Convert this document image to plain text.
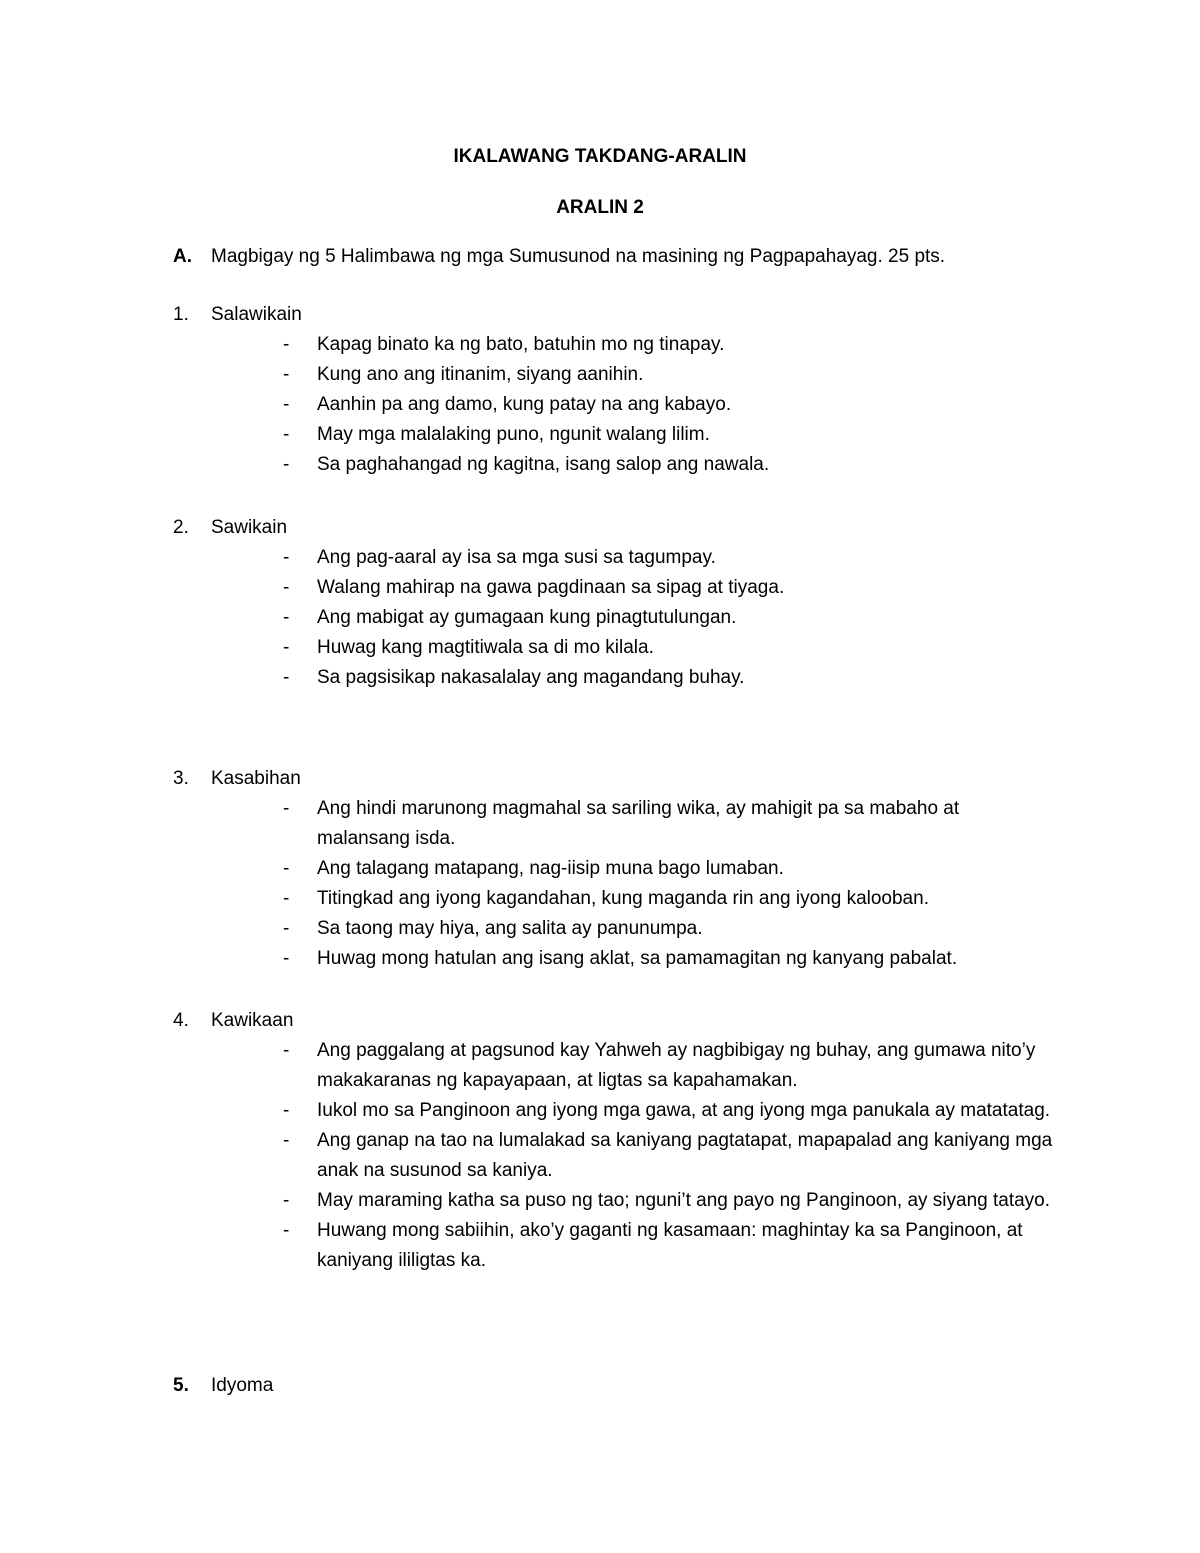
IKALAWANG TAKDANG-ARALIN
ARALIN 2
A. Magbigay ng 5 Halimbawa ng mga Sumusunod na masining ng Pagpapahayag. 25 pts.
1. Salawikain
- Kapag binato ka ng bato, batuhin mo ng tinapay.
- Kung ano ang itinanim, siyang aanihin.
- Aanhin pa ang damo, kung patay na ang kabayo.
- May mga malalaking puno, ngunit walang lilim.
- Sa paghahangad ng kagitna, isang salop ang nawala.
2. Sawikain
- Ang pag-aaral ay isa sa mga susi sa tagumpay.
- Walang mahirap na gawa pagdinaan sa sipag at tiyaga.
- Ang mabigat ay gumagaan kung pinagtutulungan.
- Huwag kang magtitiwala sa di mo kilala.
- Sa pagsisikap nakasalalay ang magandang buhay.
3. Kasabihan
- Ang hindi marunong magmahal sa sariling wika, ay mahigit pa sa mabaho at malansang isda.
- Ang talagang matapang, nag-iisip muna bago lumaban.
- Titingkad ang iyong kagandahan, kung maganda rin ang iyong kalooban.
- Sa taong may hiya, ang salita ay panunumpa.
- Huwag mong hatulan ang isang aklat, sa pamamagitan ng kanyang pabalat.
4. Kawikaan
- Ang paggalang at pagsunod kay Yahweh ay nagbibigay ng buhay, ang gumawa nito’y makakaranas ng kapayapaan, at ligtas sa kapahamakan.
- Iukol mo sa Panginoon ang iyong mga gawa, at ang iyong mga panukala ay matatatag.
- Ang ganap na tao na lumalakad sa kaniyang pagtatapat, mapapalad ang kaniyang mga anak na susunod sa kaniya.
- May maraming katha sa puso ng tao; nguni’t ang payo ng Panginoon, ay siyang tatayo.
- Huwang mong sabiihin, ako’y gaganti ng kasamaan: maghintay ka sa Panginoon, at kaniyang ililigtas ka.
5. Idyoma
